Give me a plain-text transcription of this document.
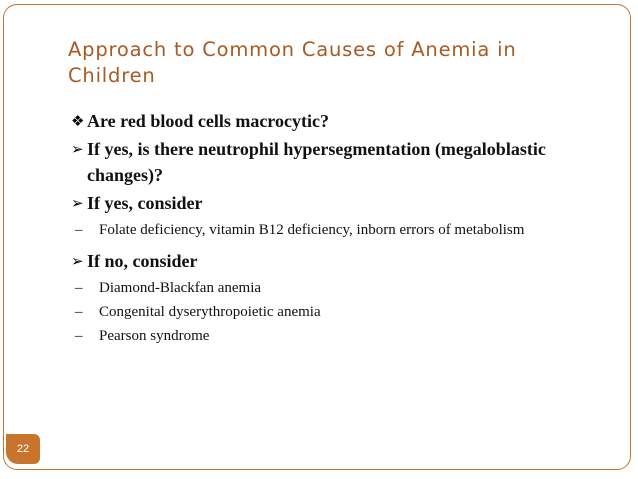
Approach to Common Causes of Anemia in Children
❖ Are red blood cells macrocytic?
➢ If yes, is there neutrophil hypersegmentation (megaloblastic changes)?
➢ If yes, consider
– Folate deficiency, vitamin B12 deficiency, inborn errors of metabolism
➢ If no, consider
– Diamond-Blackfan anemia
– Congenital dyserythropoietic anemia
– Pearson syndrome
22
